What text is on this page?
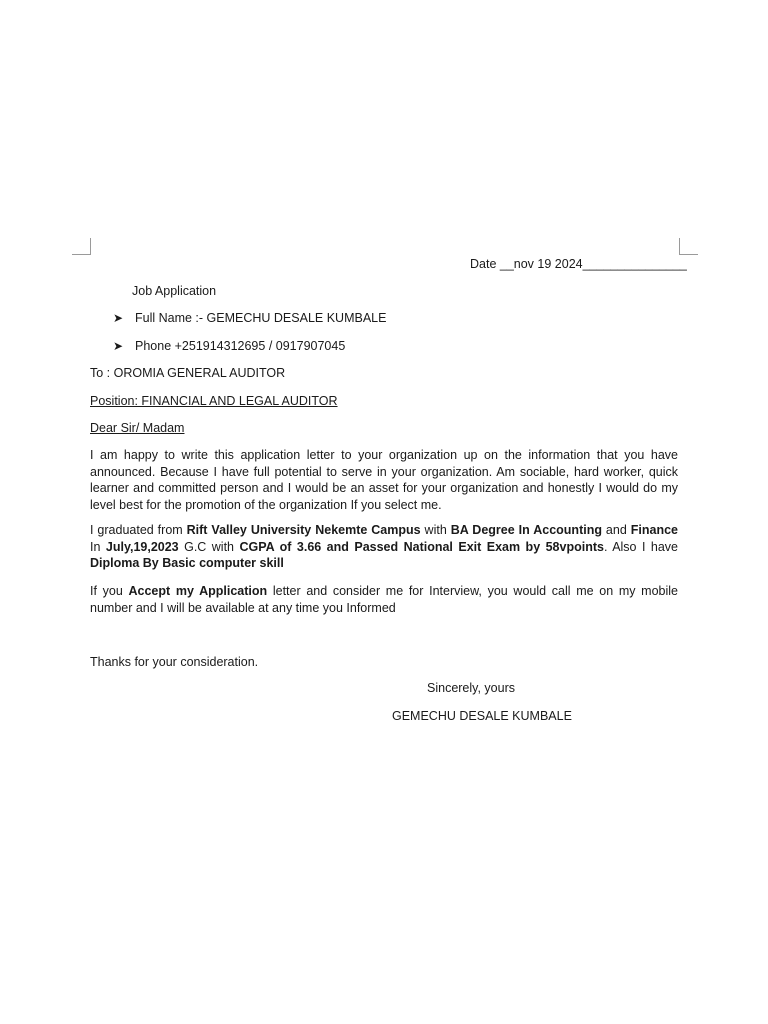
Date __nov 19 2024_______________
Job Application
➤ Full Name :- GEMECHU DESALE KUMBALE
➤ Phone +251914312695 / 0917907045
To : OROMIA GENERAL AUDITOR
Position: FINANCIAL AND LEGAL AUDITOR
Dear Sir/ Madam
I am happy to write this application letter to your organization up on the information that you have announced. Because I have full potential to serve in your organization. Am sociable, hard worker, quick learner and committed person and I would be an asset for your organization and honestly I would do my level best for the promotion of the organization If you select me.
I graduated from Rift Valley University Nekemte Campus with BA Degree In Accounting and Finance In July,19,2023 G.C with CGPA of 3.66 and Passed National Exit Exam by 58vpoints. Also I have Diploma By Basic computer skill
If you Accept my Application letter and consider me for Interview, you would call me on my mobile number and I will be available at any time you Informed
Thanks for your consideration.
Sincerely, yours
GEMECHU DESALE KUMBALE
